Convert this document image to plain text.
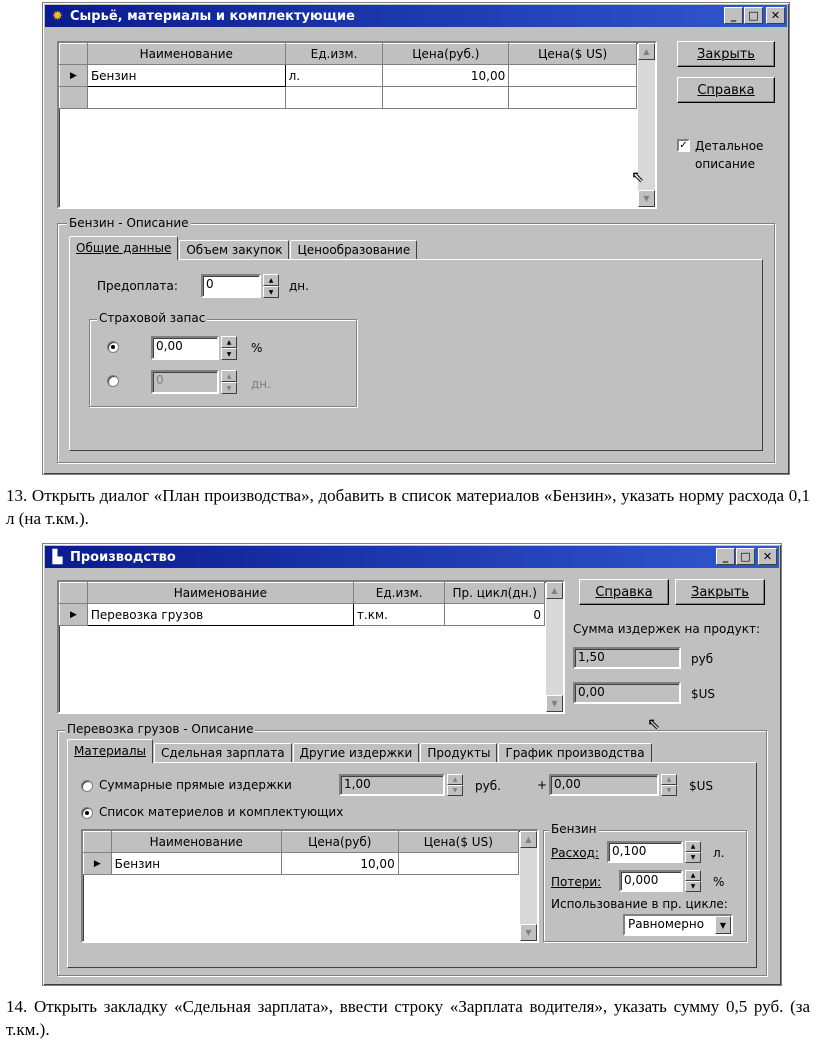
✹ Сырьё, материалы и комплектующие	_	□	✕
	Наименование	Ед.изм.	Цена(руб.)	Цена($ US)
▶	Бензин	л.	10,00	

▲
▼
⇖
Закрыть
Справка
✓ Детальное
описание
Бензин - Описание
Общие данные	Объем закупок	Ценообразование
Предоплата:	0	▲
▼	дн.
Страховой запас
0,00	▲
▼	%
0	▲
▼	дн.
13. Открыть диалог «План производства», добавить в список материалов «Бензин», указать норму расхода 0,1 л (на т.км.).
▙ Производство	_	□	✕
	Наименование	Ед.изм.	Пр. цикл(дн.)
▶	Перевозка грузов	т.км.	0
▲
▼
Справка	Закрыть
Сумма издержек на продукт:
1,50	руб
0,00	$US
⇖
Перевозка грузов - Описание
Материалы	Сдельная зарплата	Другие издержки	Продукты	График производства
Суммарные прямые издержки	1,00	▲
▼	руб.	+ 0,00	▲
▼	$US
Список материелов и комплектующих
	Наименование	Цена(руб)	Цена($ US)
▶	Бензин	10,00	
▲
▼
Бензин
Расход:	0,100	▲
▼	л.
Потери:	0,000	▲
▼	%
Использование в пр. цикле:
Равномерно	▼
14. Открыть закладку «Сдельная зарплата», ввести строку «Зарплата водителя», указать сумму 0,5 руб. (за т.км.).
